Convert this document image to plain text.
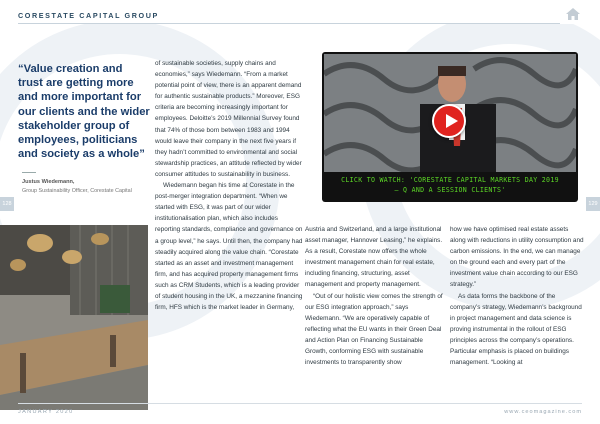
CORESTATE CAPITAL GROUP
“Value creation and trust are getting more and more important for our clients and the wider stakeholder group of employees, politicians and society as a whole”
Justus Wiedemann,
Group Sustainability Officer, Corestate Capital

of sustainable societies, supply chains and economies,” says Wiedemann. “From a market potential point of view, there is an apparent demand for authentic sustainable products.” Moreover, ESG criteria are becoming increasingly important for employees. Deloitte’s 2019 Millennial Survey found that 74% of those born between 1983 and 1994 would leave their company in the next five years if they hadn’t committed to environmental and social stewardship practices, an attitude reflected by wider consumer attitudes to sustainability in business.

Wiedemann began his time at Corestate in the post-merger integration department. “When we started with ESG, it was part of our wider institutionalisation plan, which also includes reporting standards, compliance and governance on a group level,” he says. Until then, the company had steadily acquired along the value chain. “Corestate started as an asset and investment management firm, and has acquired property management firms such as CRM Students, which is a leading provider of student housing in the UK, a mezzanine financing firm, HFS which is the market leader in Germany,

CLICK TO WATCH: 'CORESTATE CAPITAL MARKETS DAY 2019
– Q AND A SESSION CLIENTS'
128	129

Austria and Switzerland, and a large institutional asset manager, Hannover Leasing,” he explains. As a result, Corestate now offers the whole investment management chain for real estate, including financing, structuring, asset management and property management.

“Out of our holistic view comes the strength of our ESG integration approach,” says Wiedemann. “We are operatively capable of reflecting what the EU wants in their Green Deal and Action Plan on Financing Sustainable Growth, conforming ESG with sustainable investments to transparently show

how we have optimised real estate assets along with reductions in utility consumption and carbon emissions. In the end, we can manage on the ground each and every part of the investment value chain according to our ESG strategy.”

As data forms the backbone of the company’s strategy, Wiedemann’s background in project management and data science is proving instrumental in the rollout of ESG principles across the company’s operations. Particular emphasis is placed on buildings management. “Looking at

JANUARY 2020	www.ceomagazine.com
